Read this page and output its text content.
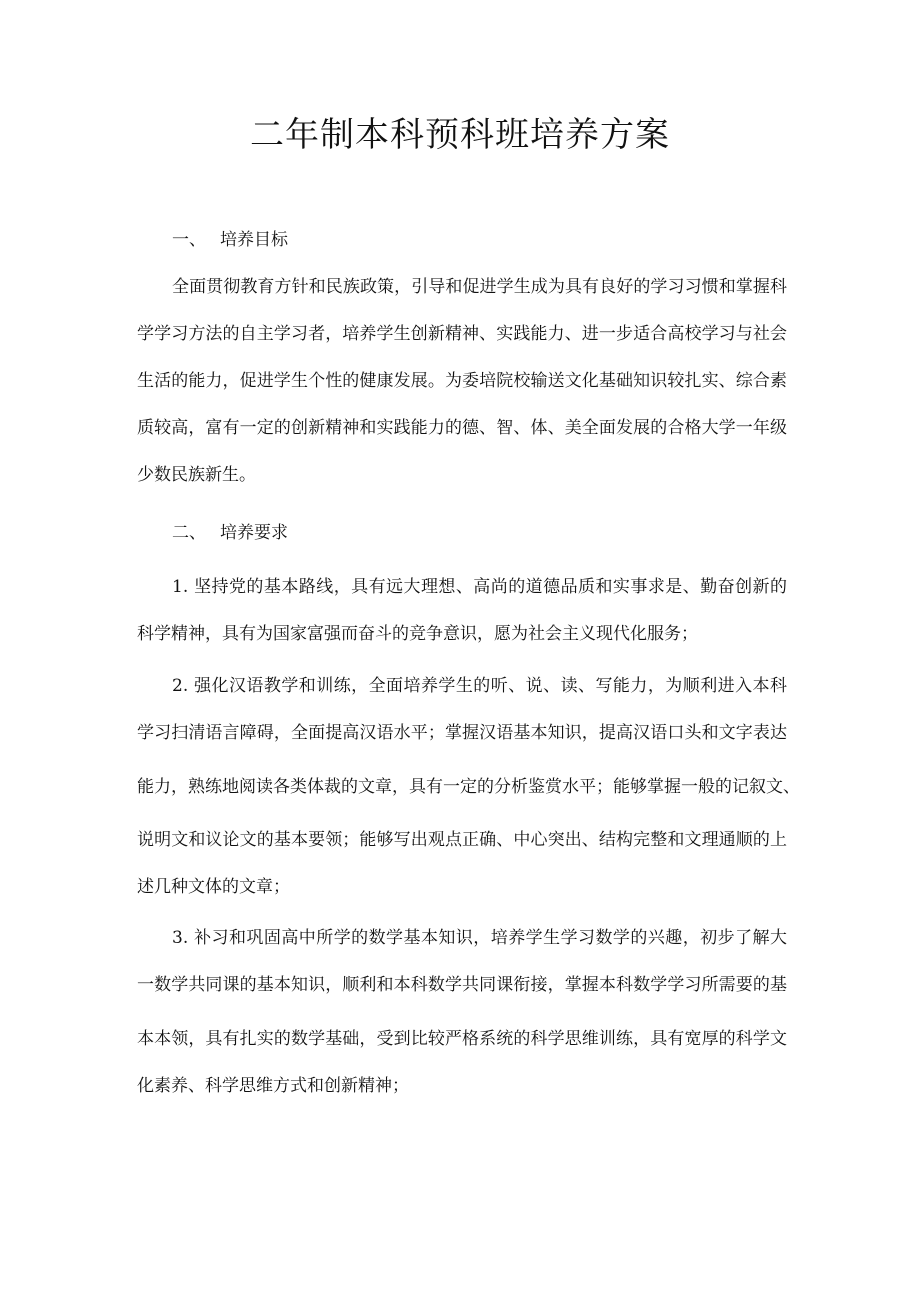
二年制本科预科班培养方案
一、 培养目标
全面贯彻教育方针和民族政策，引导和促进学生成为具有良好的学习习惯和掌握科
学学习方法的自主学习者，培养学生创新精神、实践能力、进一步适合高校学习与社会
生活的能力，促进学生个性的健康发展。为委培院校输送文化基础知识较扎实、综合素
质较高，富有一定的创新精神和实践能力的德、智、体、美全面发展的合格大学一年级
少数民族新生。
二、 培养要求
1. 坚持党的基本路线，具有远大理想、高尚的道德品质和实事求是、勤奋创新的
科学精神，具有为国家富强而奋斗的竞争意识，愿为社会主义现代化服务；
2. 强化汉语教学和训练，全面培养学生的听、说、读、写能力，为顺利进入本科
学习扫清语言障碍，全面提高汉语水平；掌握汉语基本知识，提高汉语口头和文字表达
能力，熟练地阅读各类体裁的文章，具有一定的分析鉴赏水平；能够掌握一般的记叙文、
说明文和议论文的基本要领；能够写出观点正确、中心突出、结构完整和文理通顺的上
述几种文体的文章；
3. 补习和巩固高中所学的数学基本知识，培养学生学习数学的兴趣，初步了解大
一数学共同课的基本知识，顺利和本科数学共同课衔接，掌握本科数学学习所需要的基
本本领，具有扎实的数学基础，受到比较严格系统的科学思维训练，具有宽厚的科学文
化素养、科学思维方式和创新精神；
